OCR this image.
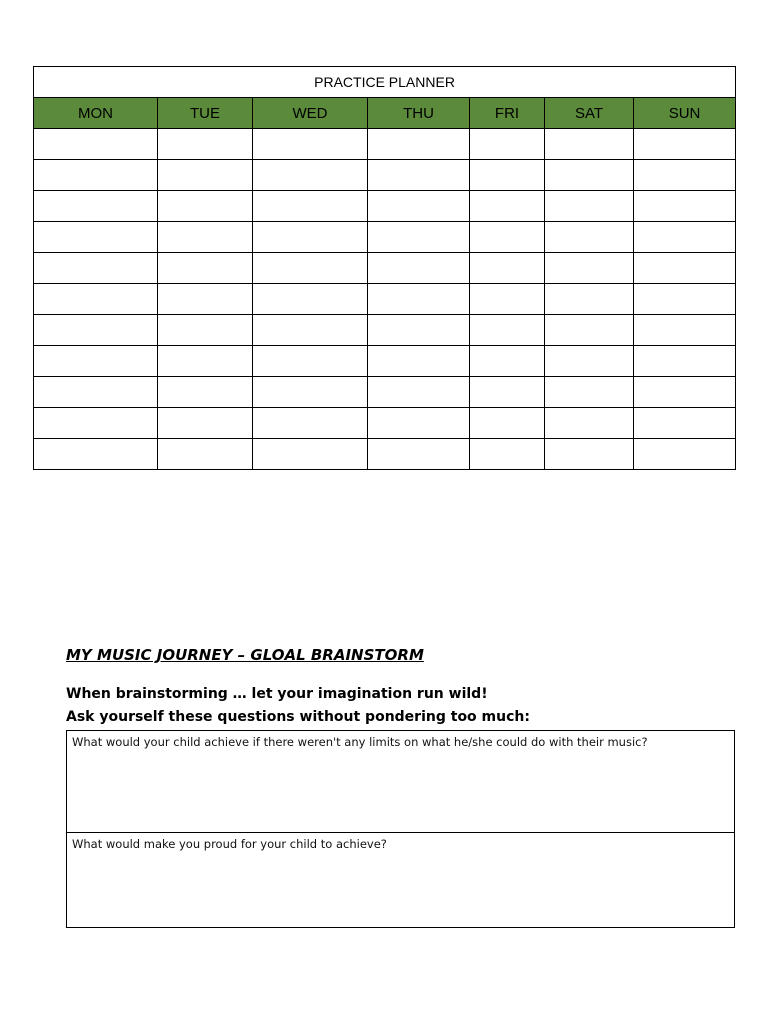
PRACTICE PLANNER						
MON	TUE	WED	THU	FRI	SAT	SUN

MY MUSIC JOURNEY – GLOAL BRAINSTORM
When brainstorming … let your imagination run wild!
Ask yourself these questions without pondering too much:
What would your child achieve if there weren't any limits on what he/she could do with their music?
What would make you proud for your child to achieve?
